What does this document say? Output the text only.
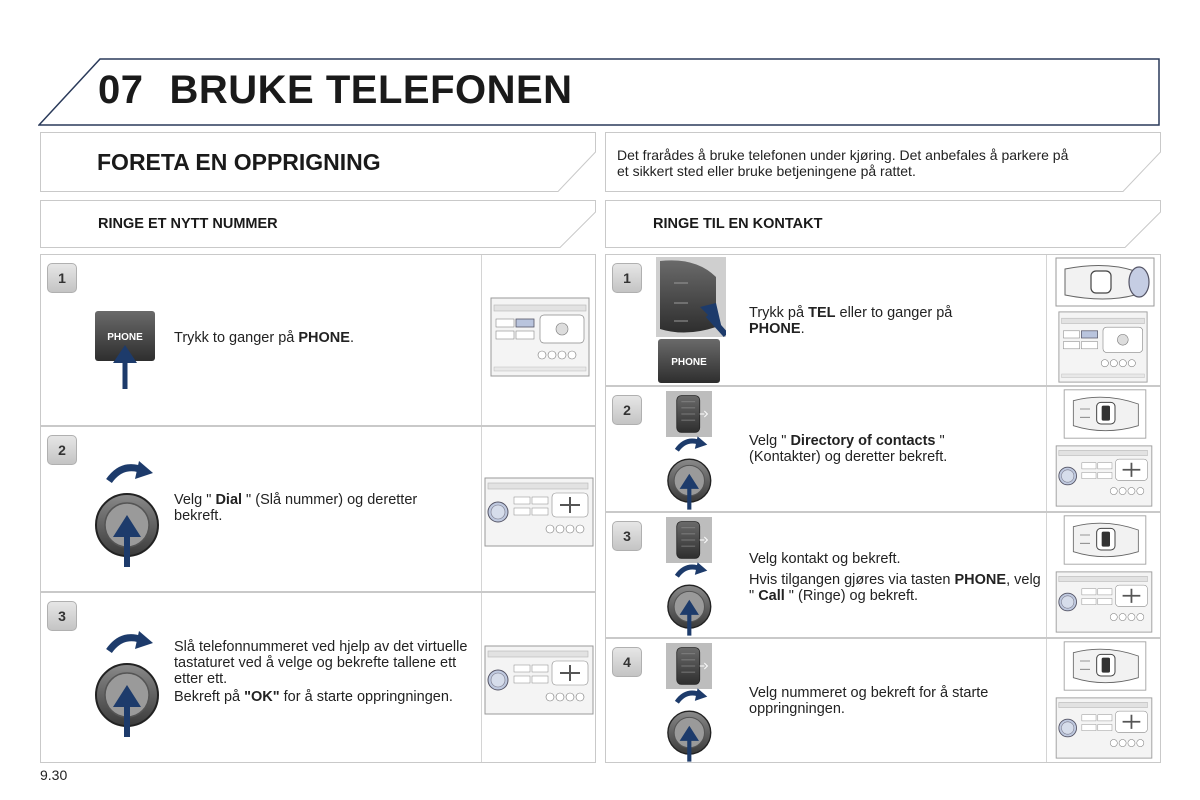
07 BRUKE TELEFONEN
FORETA EN OPPRIGNING	Det frarådes å bruke telefonen under kjøring. Det anbefales å parkere på et sikkert sted eller bruke betjeningene på rattet.
RINGE ET NYTT NUMMER	RINGE TIL EN KONTAKT
1
PHONE Trykk to ganger på PHONE.
2
Velg " Dial " (Slå nummer) og deretter bekreft.
3

Slå telefonnummeret ved hjelp av det virtuelle tastaturet ved å velge og bekrefte tallene ett etter ett.

Bekreft på "OK" for å starte oppringningen.

1
PHONE
Trykk på TEL eller to ganger på PHONE.
2
Velg " Directory of contacts " (Kontakter) og deretter bekreft.
3

Velg kontakt og bekreft.

Hvis tilgangen gjøres via tasten PHONE, velg " Call " (Ringe) og bekreft.

4
Velg nummeret og bekreft for å starte oppringningen.
9.30
